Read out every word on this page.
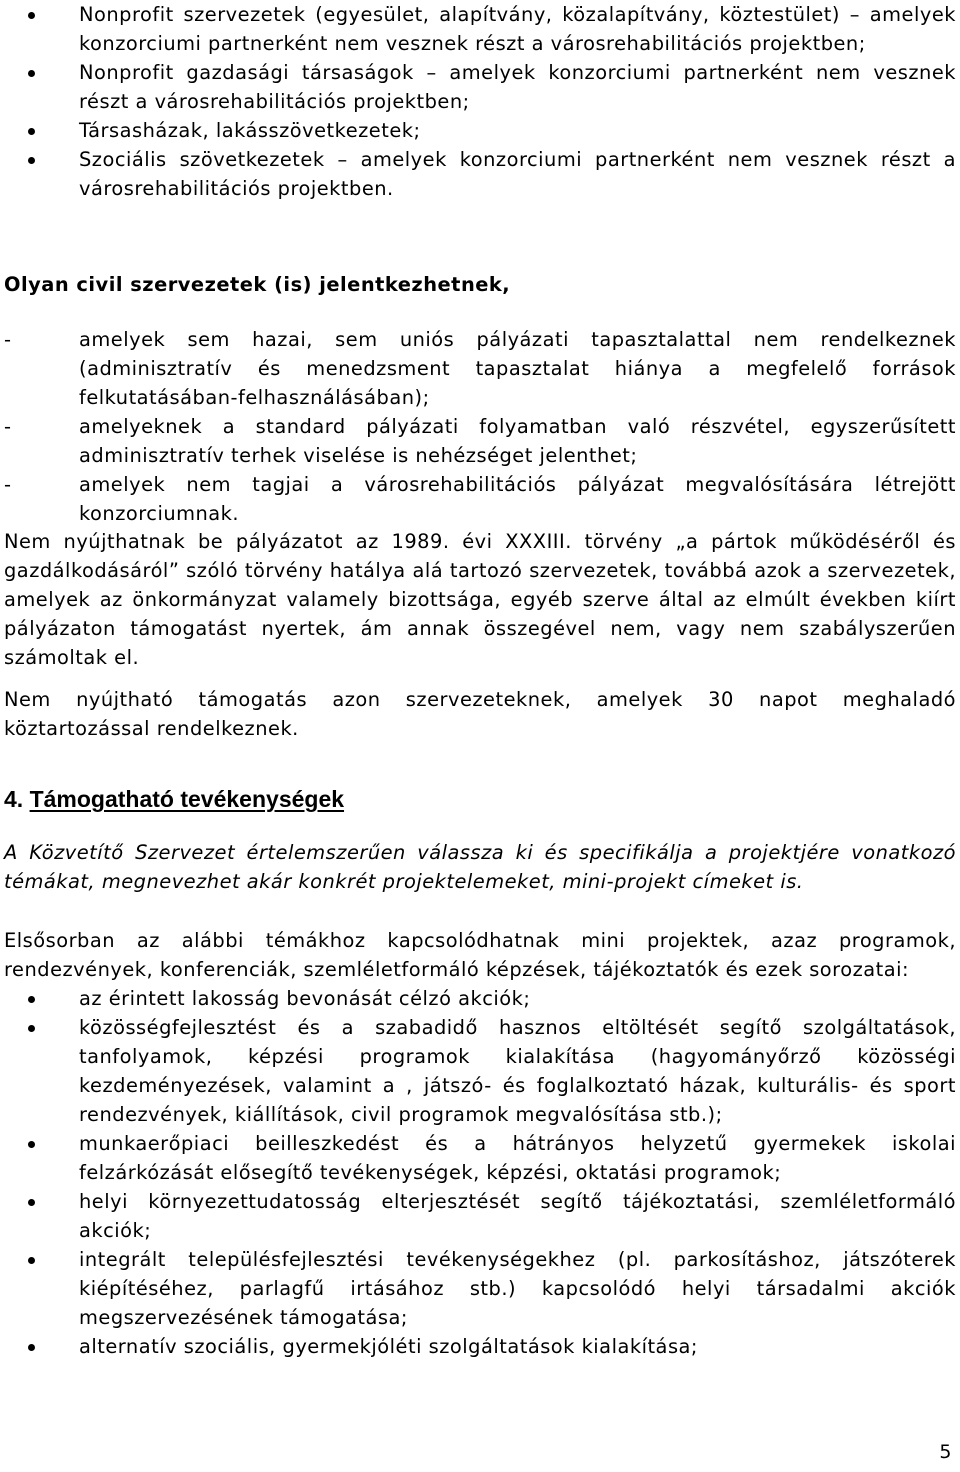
Nonprofit szervezetek (egyesület, alapítvány, közalapítvány, köztestület) – amelyek konzorciumi partnerként nem vesznek részt a városrehabilitációs projektben;
Nonprofit gazdasági társaságok – amelyek konzorciumi partnerként nem vesznek részt a városrehabilitációs projektben;
Társasházak, lakásszövetkezetek;
Szociális szövetkezetek – amelyek konzorciumi partnerként nem vesznek részt a városrehabilitációs projektben.

Olyan civil szervezetek (is) jelentkezhetnek,

-	amelyek sem hazai, sem uniós pályázati tapasztalattal nem rendelkeznek (adminisztratív és menedzsment tapasztalat hiánya a megfelelő források felkutatásában-felhasználásában);
-	amelyeknek a standard pályázati folyamatban való részvétel, egyszerűsített adminisztratív terhek viselése is nehézséget jelenthet;
-	amelyek nem tagjai a városrehabilitációs pályázat megvalósítására létrejött konzorciumnak.

Nem nyújthatnak be pályázatot az 1989. évi XXXIII. törvény „a pártok működéséről és gazdálkodásáról” szóló törvény hatálya alá tartozó szervezetek, továbbá azok a szervezetek, amelyek az önkormányzat valamely bizottsága, egyéb szerve által az elmúlt években kiírt pályázaton támogatást nyertek, ám annak összegével nem, vagy nem szabályszerűen számoltak el.

Nem nyújtható támogatás azon szervezeteknek, amelyek 30 napot meghaladó köztartozással rendelkeznek.

4. Támogatható tevékenységek

A Közvetítő Szervezet értelemszerűen válassza ki és specifikálja a projektjére vonatkozó témákat, megnevezhet akár konkrét projektelemeket, mini-projekt címeket is.

Elsősorban az alábbi témákhoz kapcsolódhatnak mini projektek, azaz programok, rendezvények, konferenciák, szemléletformáló képzések, tájékoztatók és ezek sorozatai:

az érintett lakosság bevonását célzó akciók;
közösségfejlesztést és a szabadidő hasznos eltöltését segítő szolgáltatások, tanfolyamok, képzési programok kialakítása (hagyományőrző közösségi kezdeményezések, valamint a , játszó- és foglalkoztató házak, kulturális- és sport rendezvények, kiállítások, civil programok megvalósítása stb.);
munkaerőpiaci beilleszkedést és a hátrányos helyzetű gyermekek iskolai felzárkózását elősegítő tevékenységek, képzési, oktatási programok;
helyi környezettudatosság elterjesztését segítő tájékoztatási, szemléletformáló akciók;
integrált településfejlesztési tevékenységekhez (pl. parkosításhoz, játszóterek kiépítéséhez, parlagfű irtásához stb.) kapcsolódó helyi társadalmi akciók megszervezésének támogatása;
alternatív szociális, gyermekjóléti szolgáltatások kialakítása;
5
